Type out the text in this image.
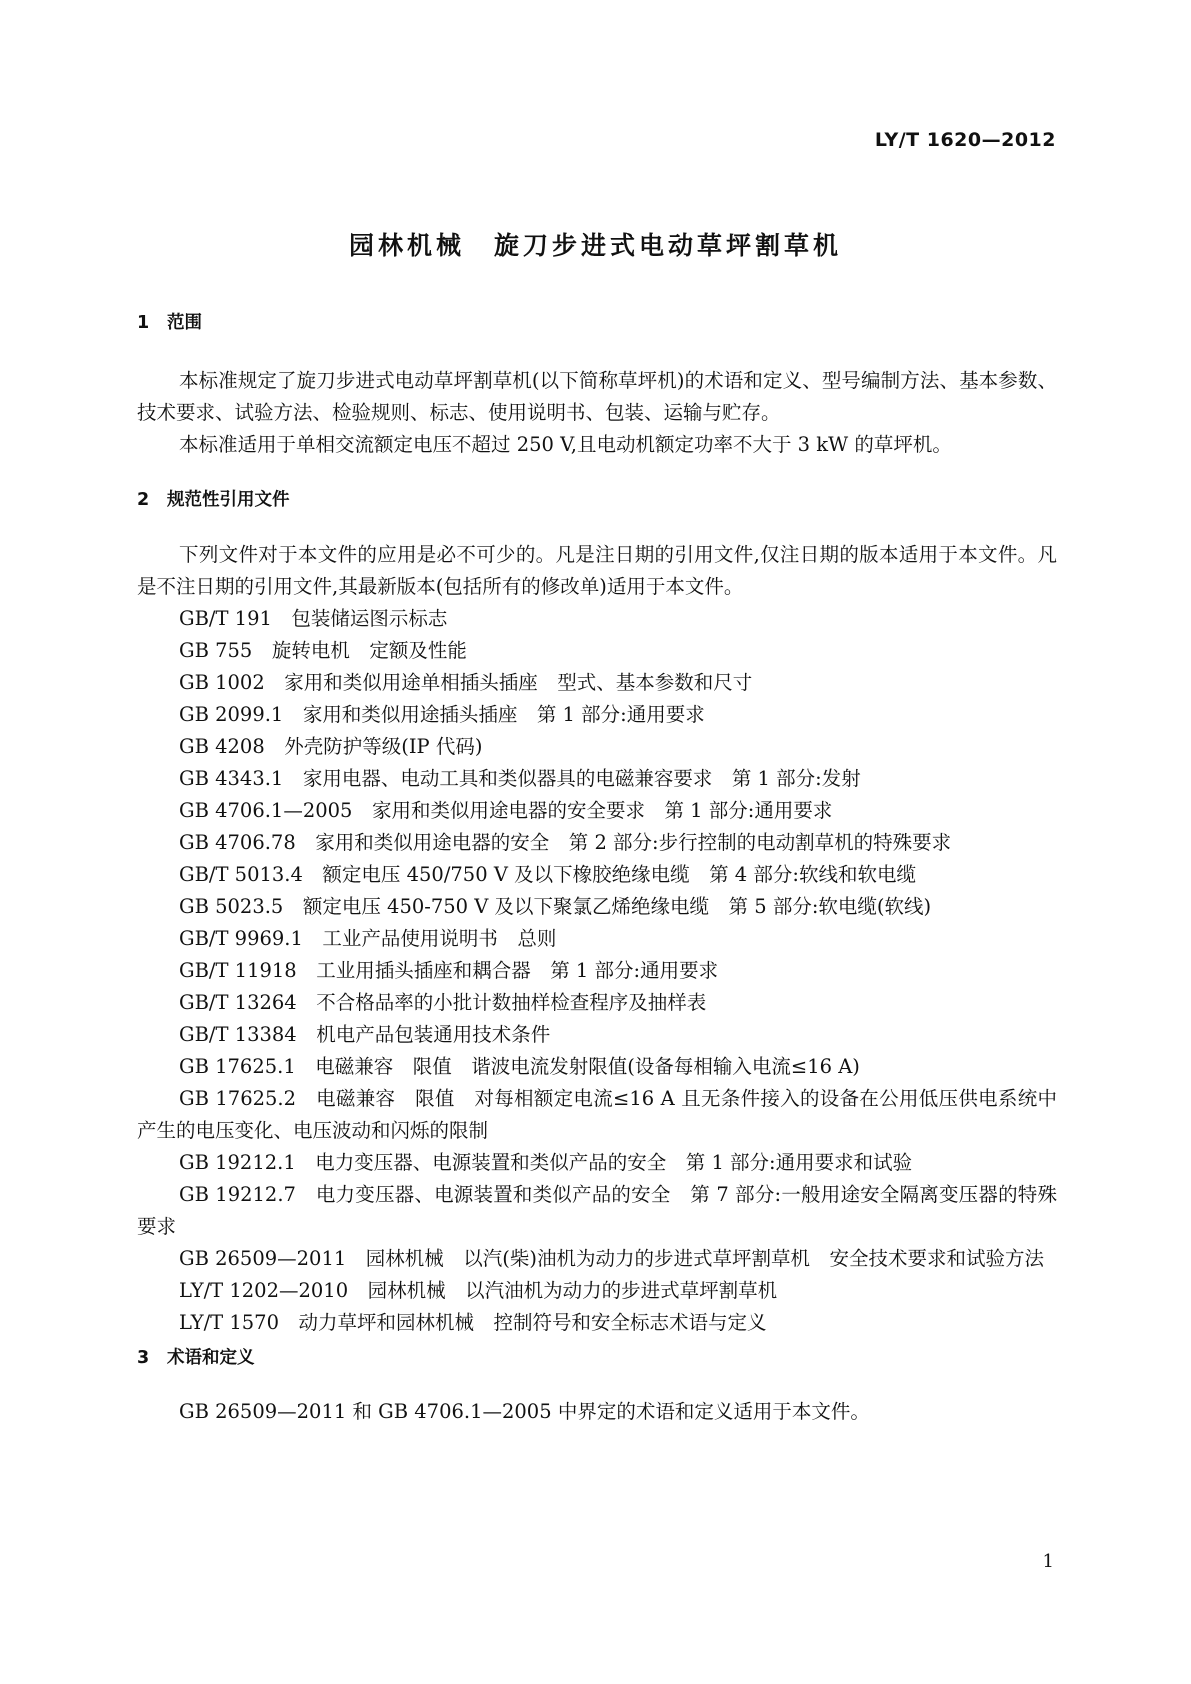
LY/T 1620—2012
园林机械　旋刀步进式电动草坪割草机
1 范围

本标准规定了旋刀步进式电动草坪割草机(以下简称草坪机)的术语和定义、型号编制方法、基本参数、技术要求、试验方法、检验规则、标志、使用说明书、包装、运输与贮存。

本标准适用于单相交流额定电压不超过 250 V,且电动机额定功率不大于 3 kW 的草坪机。

2 规范性引用文件

下列文件对于本文件的应用是必不可少的。凡是注日期的引用文件,仅注日期的版本适用于本文件。凡是不注日期的引用文件,其最新版本(包括所有的修改单)适用于本文件。

GB/T 191　包装储运图示标志

GB 755　旋转电机　定额及性能

GB 1002　家用和类似用途单相插头插座　型式、基本参数和尺寸

GB 2099.1　家用和类似用途插头插座　第 1 部分:通用要求

GB 4208　外壳防护等级(IP 代码)

GB 4343.1　家用电器、电动工具和类似器具的电磁兼容要求　第 1 部分:发射

GB 4706.1—2005　家用和类似用途电器的安全要求　第 1 部分:通用要求

GB 4706.78　家用和类似用途电器的安全　第 2 部分:步行控制的电动割草机的特殊要求

GB/T 5013.4　额定电压 450/750 V 及以下橡胶绝缘电缆　第 4 部分:软线和软电缆

GB 5023.5　额定电压 450-750 V 及以下聚氯乙烯绝缘电缆　第 5 部分:软电缆(软线)

GB/T 9969.1　工业产品使用说明书　总则

GB/T 11918　工业用插头插座和耦合器　第 1 部分:通用要求

GB/T 13264　不合格品率的小批计数抽样检查程序及抽样表

GB/T 13384　机电产品包装通用技术条件

GB 17625.1　电磁兼容　限值　谐波电流发射限值(设备每相输入电流≤16 A)

GB 17625.2　电磁兼容　限值　对每相额定电流≤16 A 且无条件接入的设备在公用低压供电系统中产生的电压变化、电压波动和闪烁的限制

GB 19212.1　电力变压器、电源装置和类似产品的安全　第 1 部分:通用要求和试验

GB 19212.7　电力变压器、电源装置和类似产品的安全　第 7 部分:一般用途安全隔离变压器的特殊要求

GB 26509—2011　园林机械　以汽(柴)油机为动力的步进式草坪割草机　安全技术要求和试验方法

LY/T 1202—2010　园林机械　以汽油机为动力的步进式草坪割草机

LY/T 1570　动力草坪和园林机械　控制符号和安全标志术语与定义

3 术语和定义

GB 26509—2011 和 GB 4706.1—2005 中界定的术语和定义适用于本文件。

1
